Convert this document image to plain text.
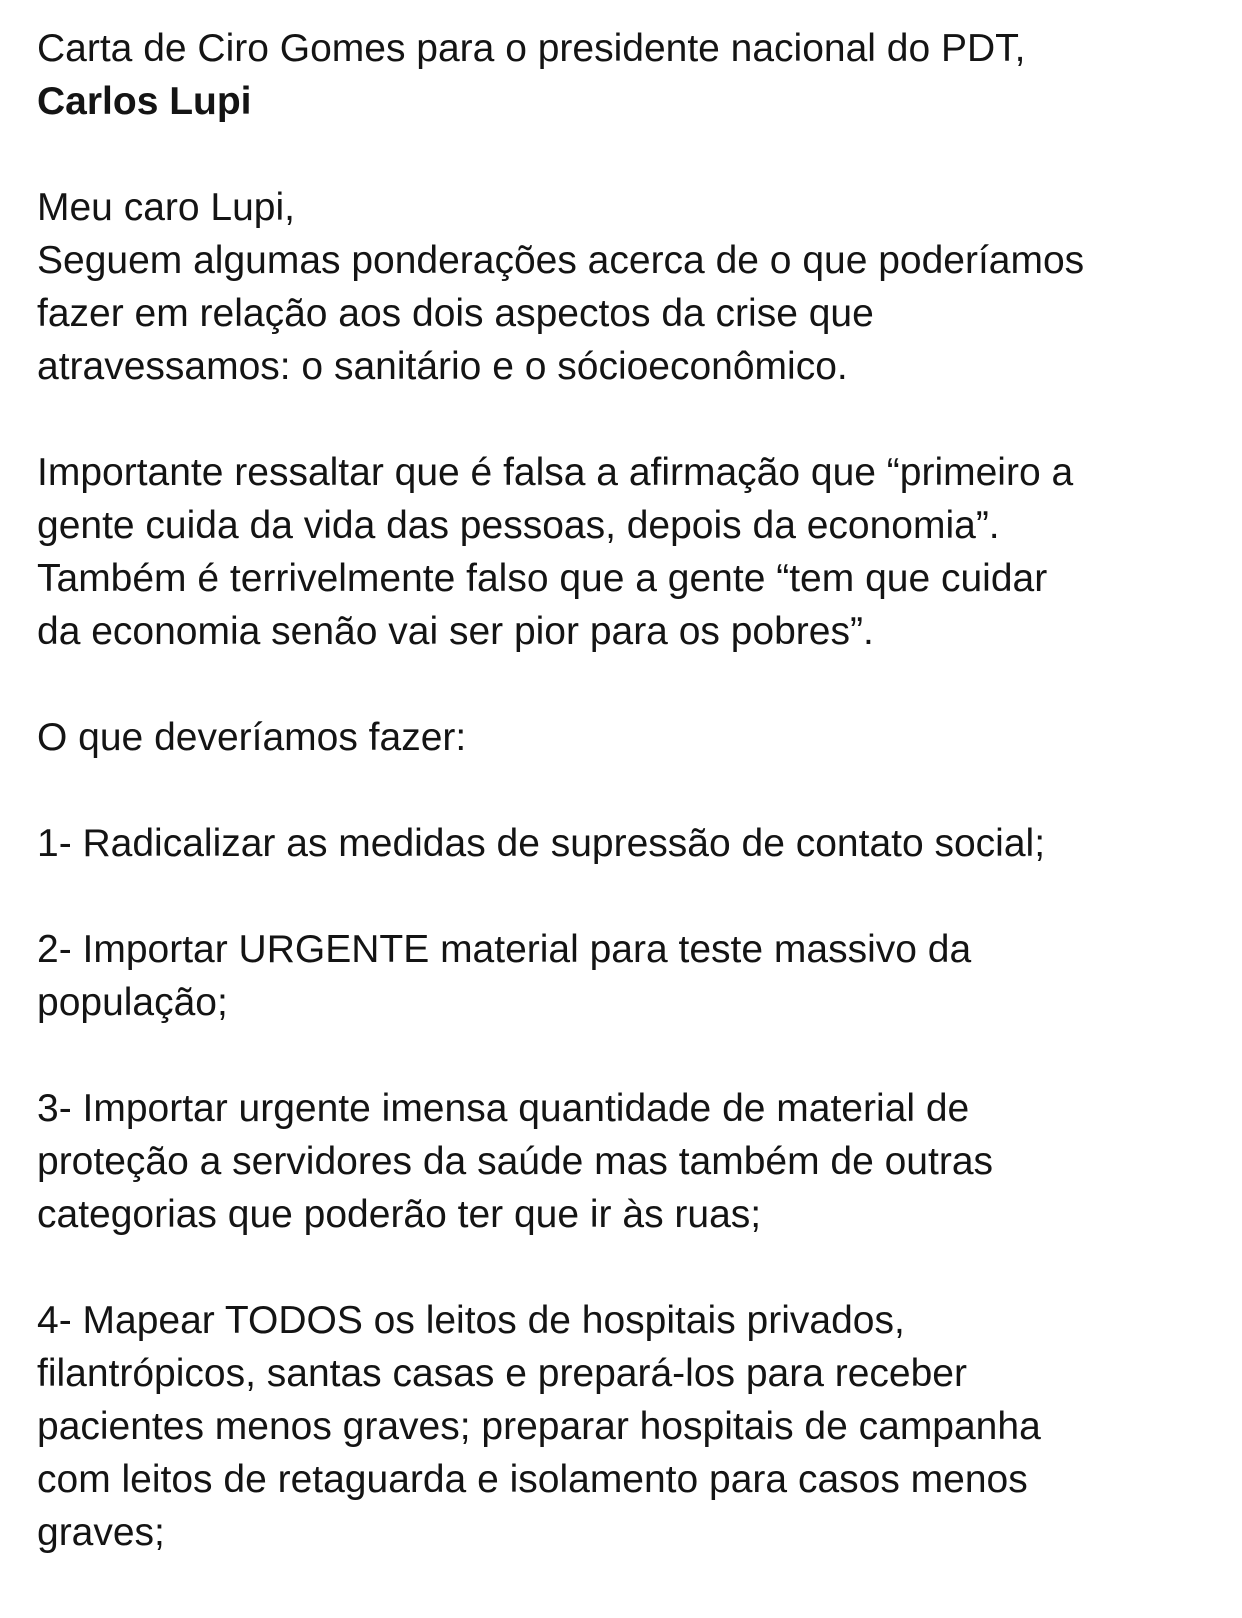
Carta de Ciro Gomes para o presidente nacional do PDT,

Carlos Lupi

Meu caro Lupi,

Seguem algumas ponderações acerca de o que poderíamos
fazer em relação aos dois aspectos da crise que
atravessamos: o sanitário e o sócioeconômico.

Importante ressaltar que é falsa a afirmação que “primeiro a
gente cuida da vida das pessoas, depois da economia”.
Também é terrivelmente falso que a gente “tem que cuidar
da economia senão vai ser pior para os pobres”.

O que deveríamos fazer:

1- Radicalizar as medidas de supressão de contato social;

2- Importar URGENTE material para teste massivo da
população;

3- Importar urgente imensa quantidade de material de
proteção a servidores da saúde mas também de outras
categorias que poderão ter que ir às ruas;

4- Mapear TODOS os leitos de hospitais privados,
filantrópicos, santas casas e prepará-los para receber
pacientes menos graves; preparar hospitais de campanha
com leitos de retaguarda e isolamento para casos menos
graves;
